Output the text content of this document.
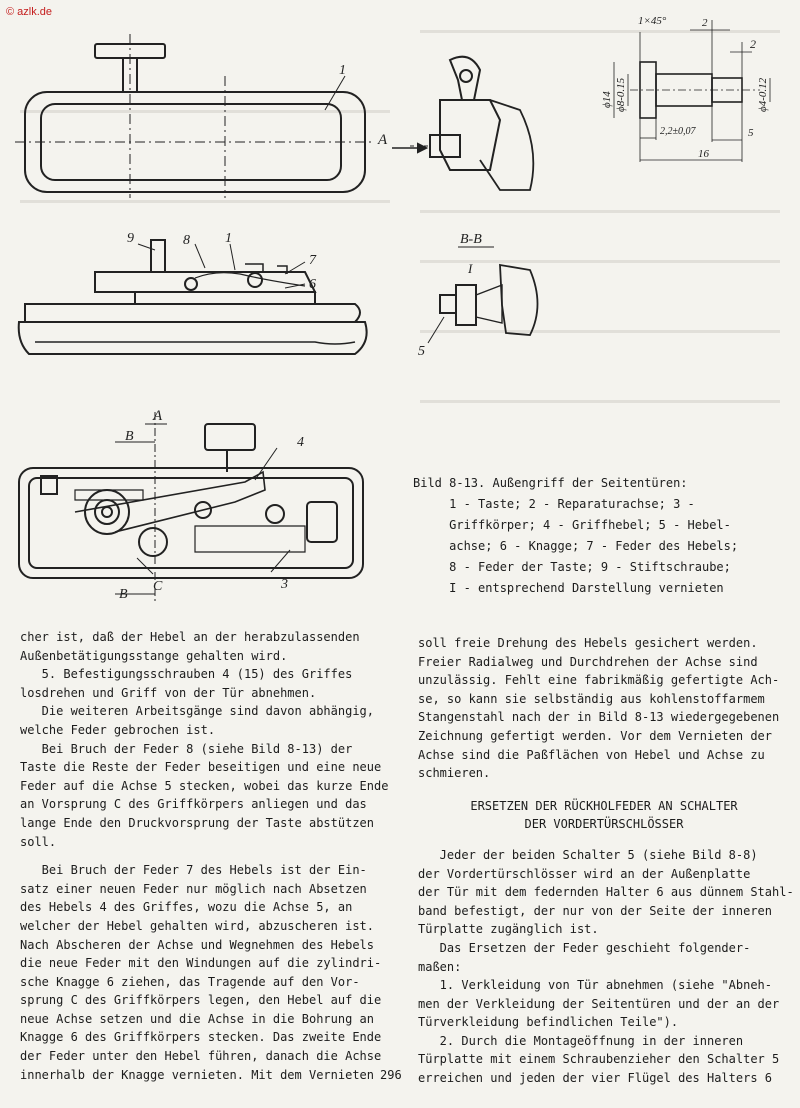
© azlk.de
1
9	8	1
7
6
A
B
B
4
C	3
A
B-B
I
5
1×45°	2
2
ϕ14 ϕ8-0.15	ϕ4-0.12
2,2±0,07	5
16
Bild 8-13. Außengriff der Seitentüren:
1 - Taste; 2 - Reparaturachse; 3 -
Griffkörper; 4 - Griffhebel; 5 - Hebel-
achse; 6 - Knagge; 7 - Feder des Hebels;
8 - Feder der Taste; 9 - Stiftschraube;
I - entsprechend Darstellung vernieten

cher ist, daß der Hebel an der herabzulassenden

Außenbetätigungsstange gehalten wird.

5. Befestigungsschrauben 4 (15) des Griffes

losdrehen und Griff von der Tür abnehmen.

Die weiteren Arbeitsgänge sind davon abhängig,

welche Feder gebrochen ist.

Bei Bruch der Feder 8 (siehe Bild 8-13) der

Taste die Reste der Feder beseitigen und eine neue

Feder auf die Achse 5 stecken, wobei das kurze Ende

an Vorsprung C des Griffkörpers anliegen und das

lange Ende den Druckvorsprung der Taste abstützen

soll.

Bei Bruch der Feder 7 des Hebels ist der Ein-

satz einer neuen Feder nur möglich nach Absetzen

des Hebels 4 des Griffes, wozu die Achse 5, an

welcher der Hebel gehalten wird, abzuscheren ist.

Nach Abscheren der Achse und Wegnehmen des Hebels

die neue Feder mit den Windungen auf die zylindri-

sche Knagge 6 ziehen, das Tragende auf den Vor-

sprung C des Griffkörpers legen, den Hebel auf die

neue Achse setzen und die Achse in die Bohrung an

Knagge 6 des Griffkörpers stecken. Das zweite Ende

der Feder unter den Hebel führen, danach die Achse

innerhalb der Knagge vernieten. Mit dem Vernieten

soll freie Drehung des Hebels gesichert werden.

Freier Radialweg und Durchdrehen der Achse sind

unzulässig. Fehlt eine fabrikmäßig gefertigte Ach-

se, so kann sie selbständig aus kohlenstoffarmem

Stangenstahl nach der in Bild 8-13 wiedergegebenen

Zeichnung gefertigt werden. Vor dem Vernieten der

Achse sind die Paßflächen von Hebel und Achse zu

schmieren.

ERSETZEN DER RÜCKHOLFEDER AN SCHALTER

DER VORDERTÜRSCHLÖSSER

Jeder der beiden Schalter 5 (siehe Bild 8-8)

der Vordertürschlösser wird an der Außenplatte

der Tür mit dem federnden Halter 6 aus dünnem Stahl-

band befestigt, der nur von der Seite der inneren

Türplatte zugänglich ist.

Das Ersetzen der Feder geschieht folgender-

maßen:

1. Verkleidung von Tür abnehmen (siehe "Abneh-

men der Verkleidung der Seitentüren und der an der

Türverkleidung befindlichen Teile").

2. Durch die Montageöffnung in der inneren

Türplatte mit einem Schraubenzieher den Schalter 5

erreichen und jeden der vier Flügel des Halters 6

296
